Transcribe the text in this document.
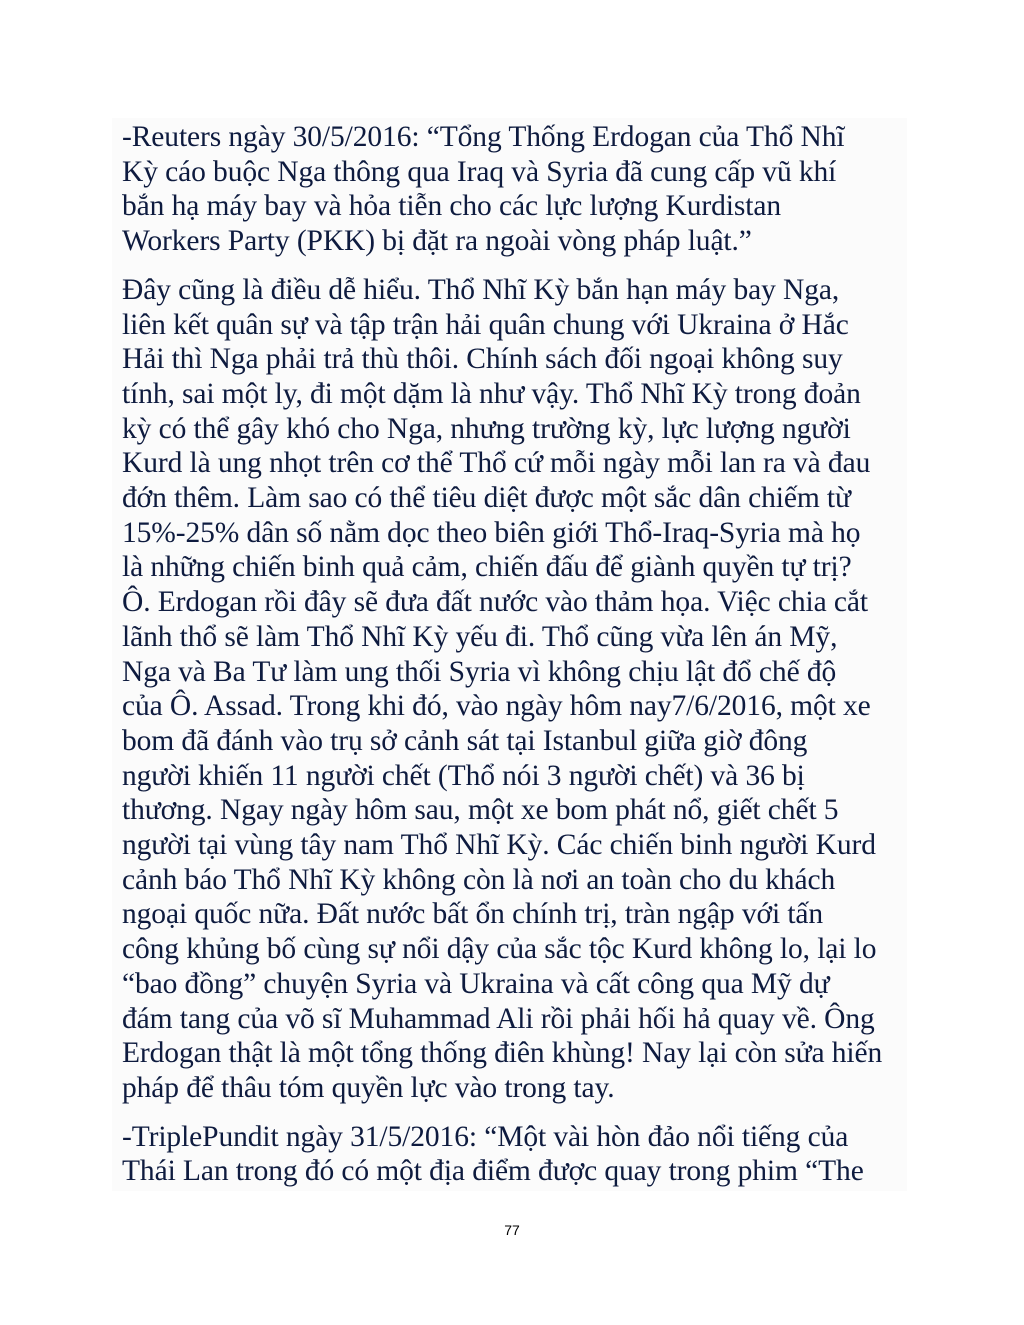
-Reuters ngày 30/5/2016: “Tổng Thống Erdogan của Thổ Nhĩ
Kỳ cáo buộc Nga thông qua Iraq và Syria đã cung cấp vũ khí
bắn hạ máy bay và hỏa tiễn cho các lực lượng Kurdistan
Workers Party (PKK) bị đặt ra ngoài vòng pháp luật.”

Đây cũng là điều dễ hiểu. Thổ Nhĩ Kỳ bắn hạn máy bay Nga,
liên kết quân sự và tập trận hải quân chung với Ukraina ở Hắc
Hải thì Nga phải trả thù thôi. Chính sách đối ngoại không suy
tính, sai một ly, đi một dặm là như vậy. Thổ Nhĩ Kỳ trong đoản
kỳ có thể gây khó cho Nga, nhưng trường kỳ, lực lượng người
Kurd là ung nhọt trên cơ thể Thổ cứ mỗi ngày mỗi lan ra và đau
đớn thêm. Làm sao có thể tiêu diệt được một sắc dân chiếm từ
15%-25% dân số nằm dọc theo biên giới Thổ-Iraq-Syria mà họ
là những chiến binh quả cảm, chiến đấu để giành quyền tự trị?
Ô. Erdogan rồi đây sẽ đưa đất nước vào thảm họa. Việc chia cắt
lãnh thổ sẽ làm Thổ Nhĩ Kỳ yếu đi. Thổ cũng vừa lên án Mỹ,
Nga và Ba Tư làm ung thối Syria vì không chịu lật đổ chế độ
của Ô. Assad. Trong khi đó, vào ngày hôm nay7/6/2016, một xe
bom đã đánh vào trụ sở cảnh sát tại Istanbul giữa giờ đông
người khiến 11 người chết (Thổ nói 3 người chết) và 36 bị
thương. Ngay ngày hôm sau, một xe bom phát nổ, giết chết 5
người tại vùng tây nam Thổ Nhĩ Kỳ. Các chiến binh người Kurd
cảnh báo Thổ Nhĩ Kỳ không còn là nơi an toàn cho du khách
ngoại quốc nữa. Đất nước bất ổn chính trị, tràn ngập với tấn
công khủng bố cùng sự nổi dậy của sắc tộc Kurd không lo, lại lo
“bao đồng” chuyện Syria và Ukraina và cất công qua Mỹ dự
đám tang của võ sĩ Muhammad Ali rồi phải hối hả quay về. Ông
Erdogan thật là một tổng thống điên khùng! Nay lại còn sửa hiến
pháp để thâu tóm quyền lực vào trong tay.

-TriplePundit ngày 31/5/2016: “Một vài hòn đảo nổi tiếng của
Thái Lan trong đó có một địa điểm được quay trong phim “The

77
